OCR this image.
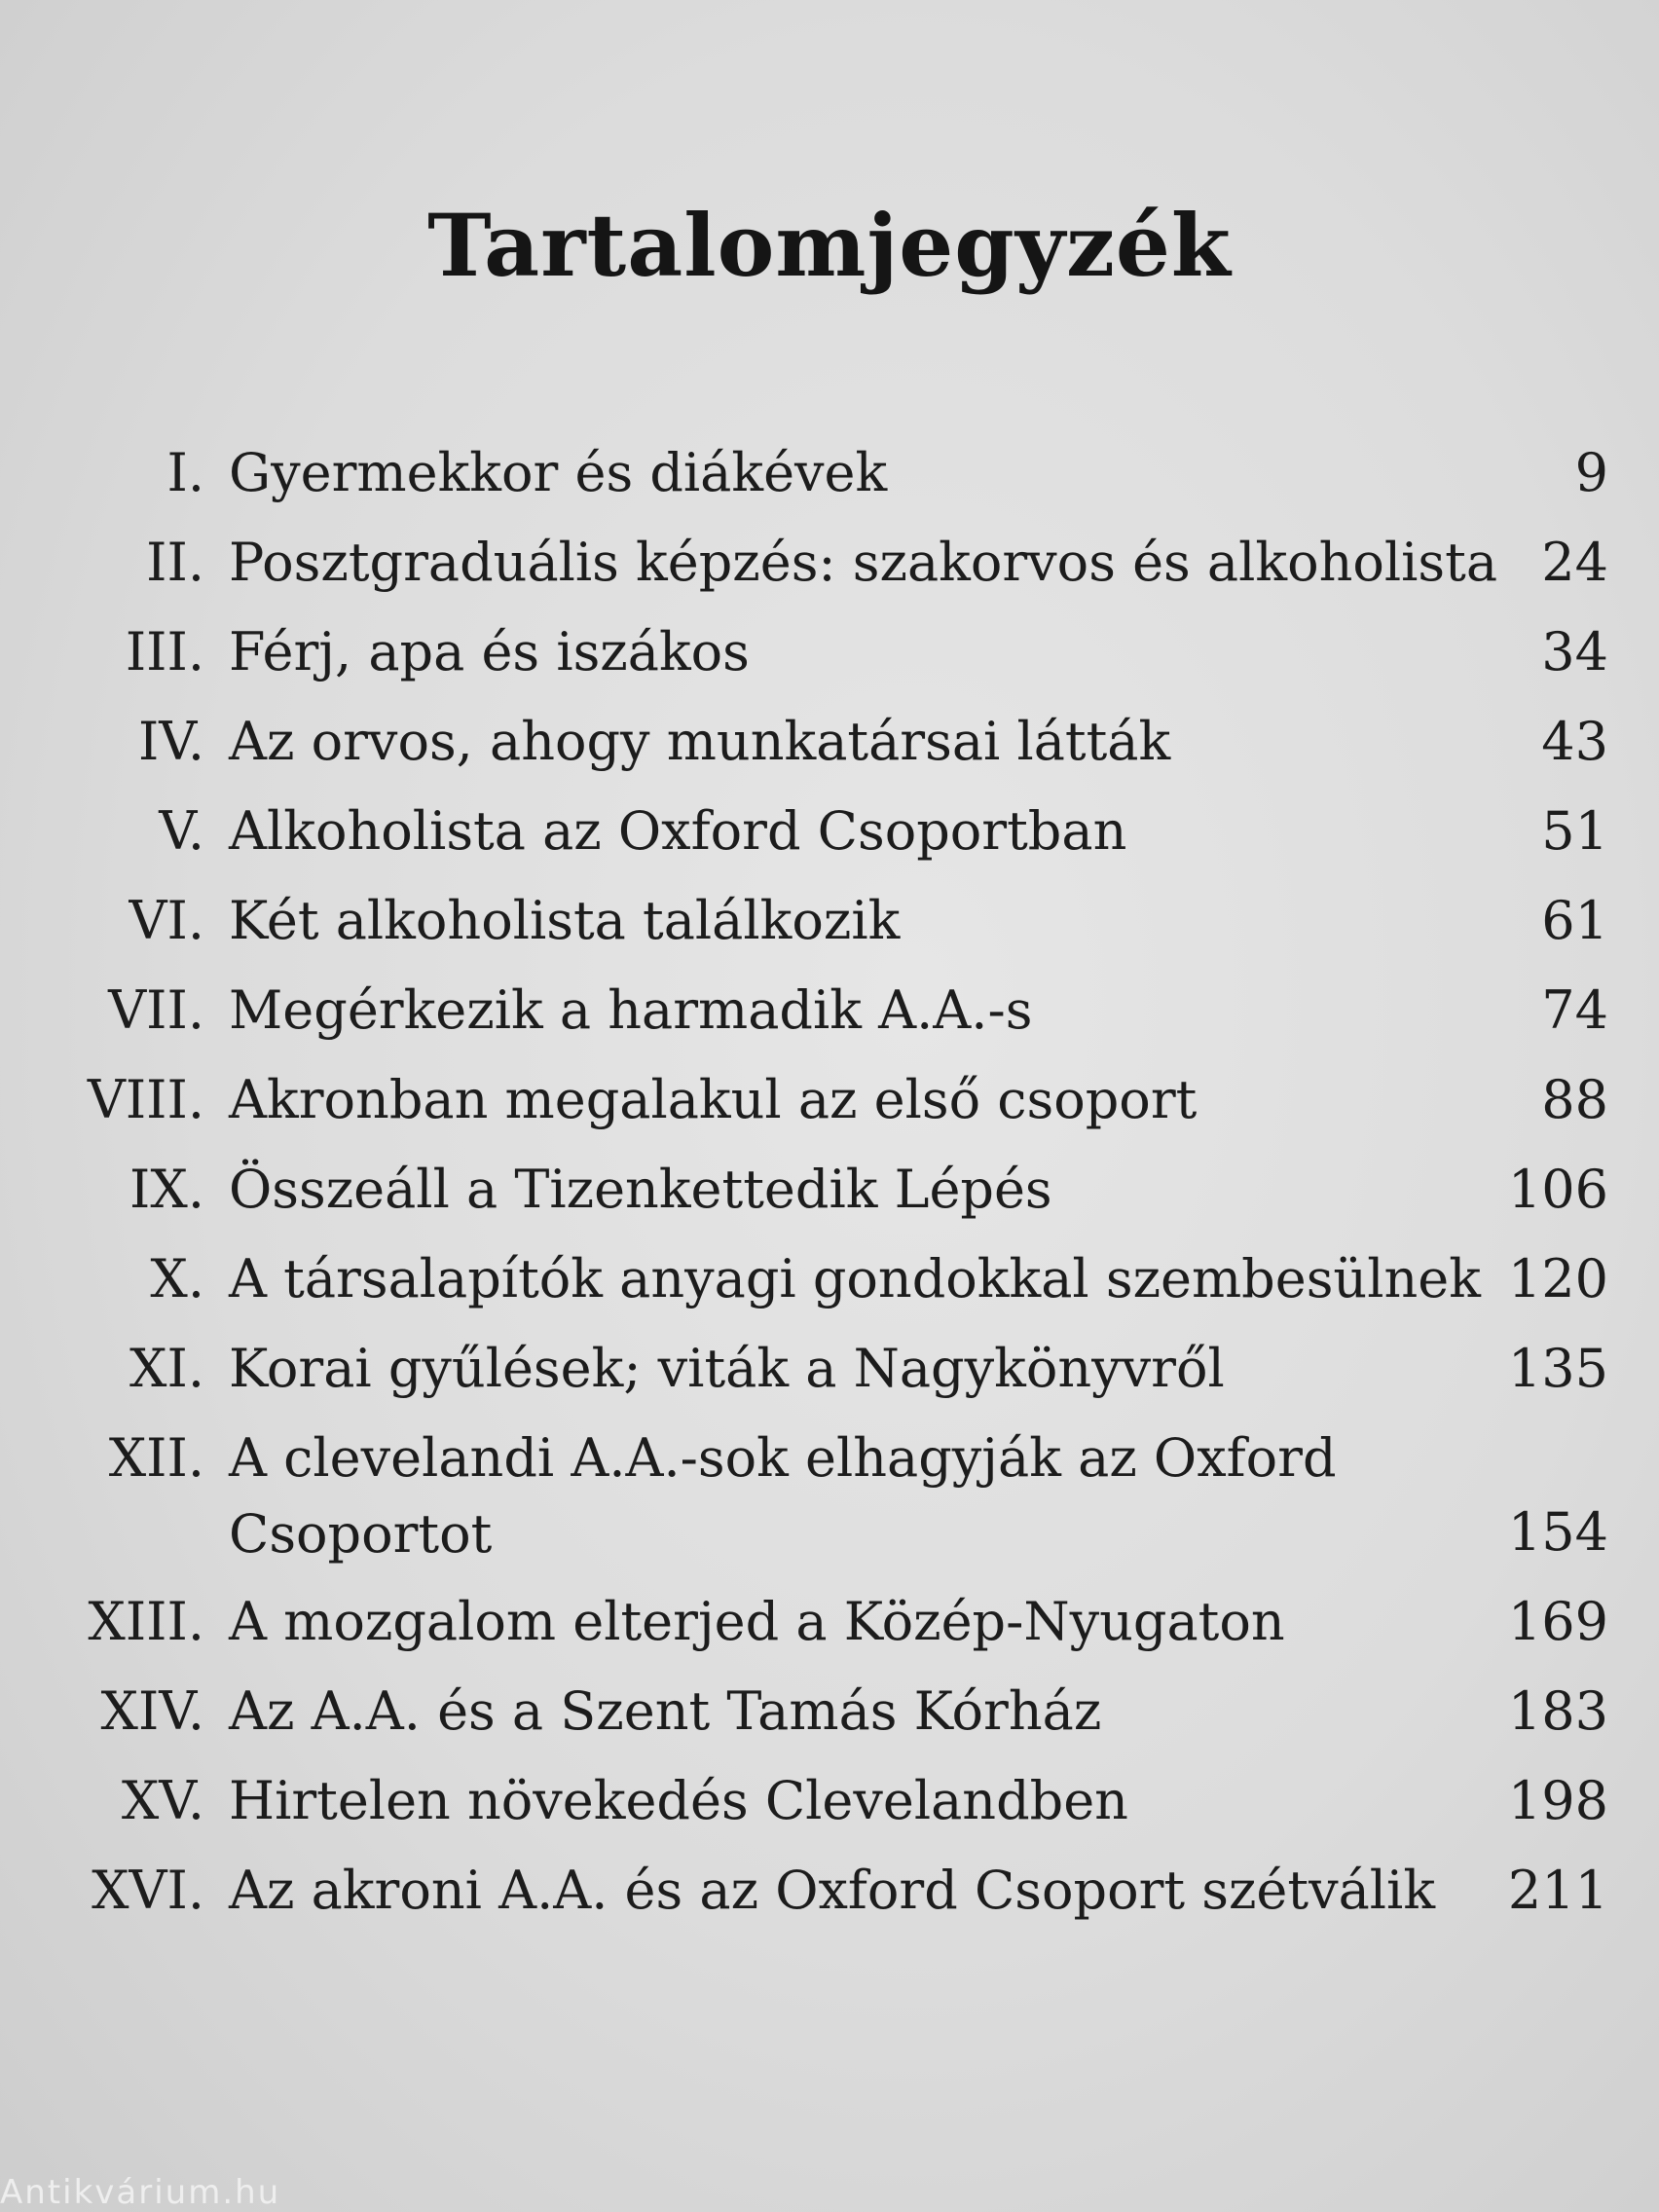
Tartalomjegyzék
I. Gyermekkor és diákévek	9
II. Posztgraduális képzés: szakorvos és alkoholista 24
III. Férj, apa és iszákos	34
IV. Az orvos, ahogy munkatársai látták	43
V. Alkoholista az Oxford Csoportban	51
VI. Két alkoholista találkozik	61
VII. Megérkezik a harmadik A.A.-s	74
VIII. Akronban megalakul az első csoport	88
IX. Összeáll a Tizenkettedik Lépés	106
X. A társalapítók anyagi gondokkal szembesülnek 120
XI. Korai gyűlések; viták a Nagykönyvről	135
XII. A clevelandi A.A.-sok elhagyják az Oxford Csoportot	154
XIII. A mozgalom elterjed a Közép-Nyugaton	169
XIV. Az A.A. és a Szent Tamás Kórház	183
XV. Hirtelen növekedés Clevelandben	198
XVI. Az akroni A.A. és az Oxford Csoport szétválik	211
Antikvárium.hu
